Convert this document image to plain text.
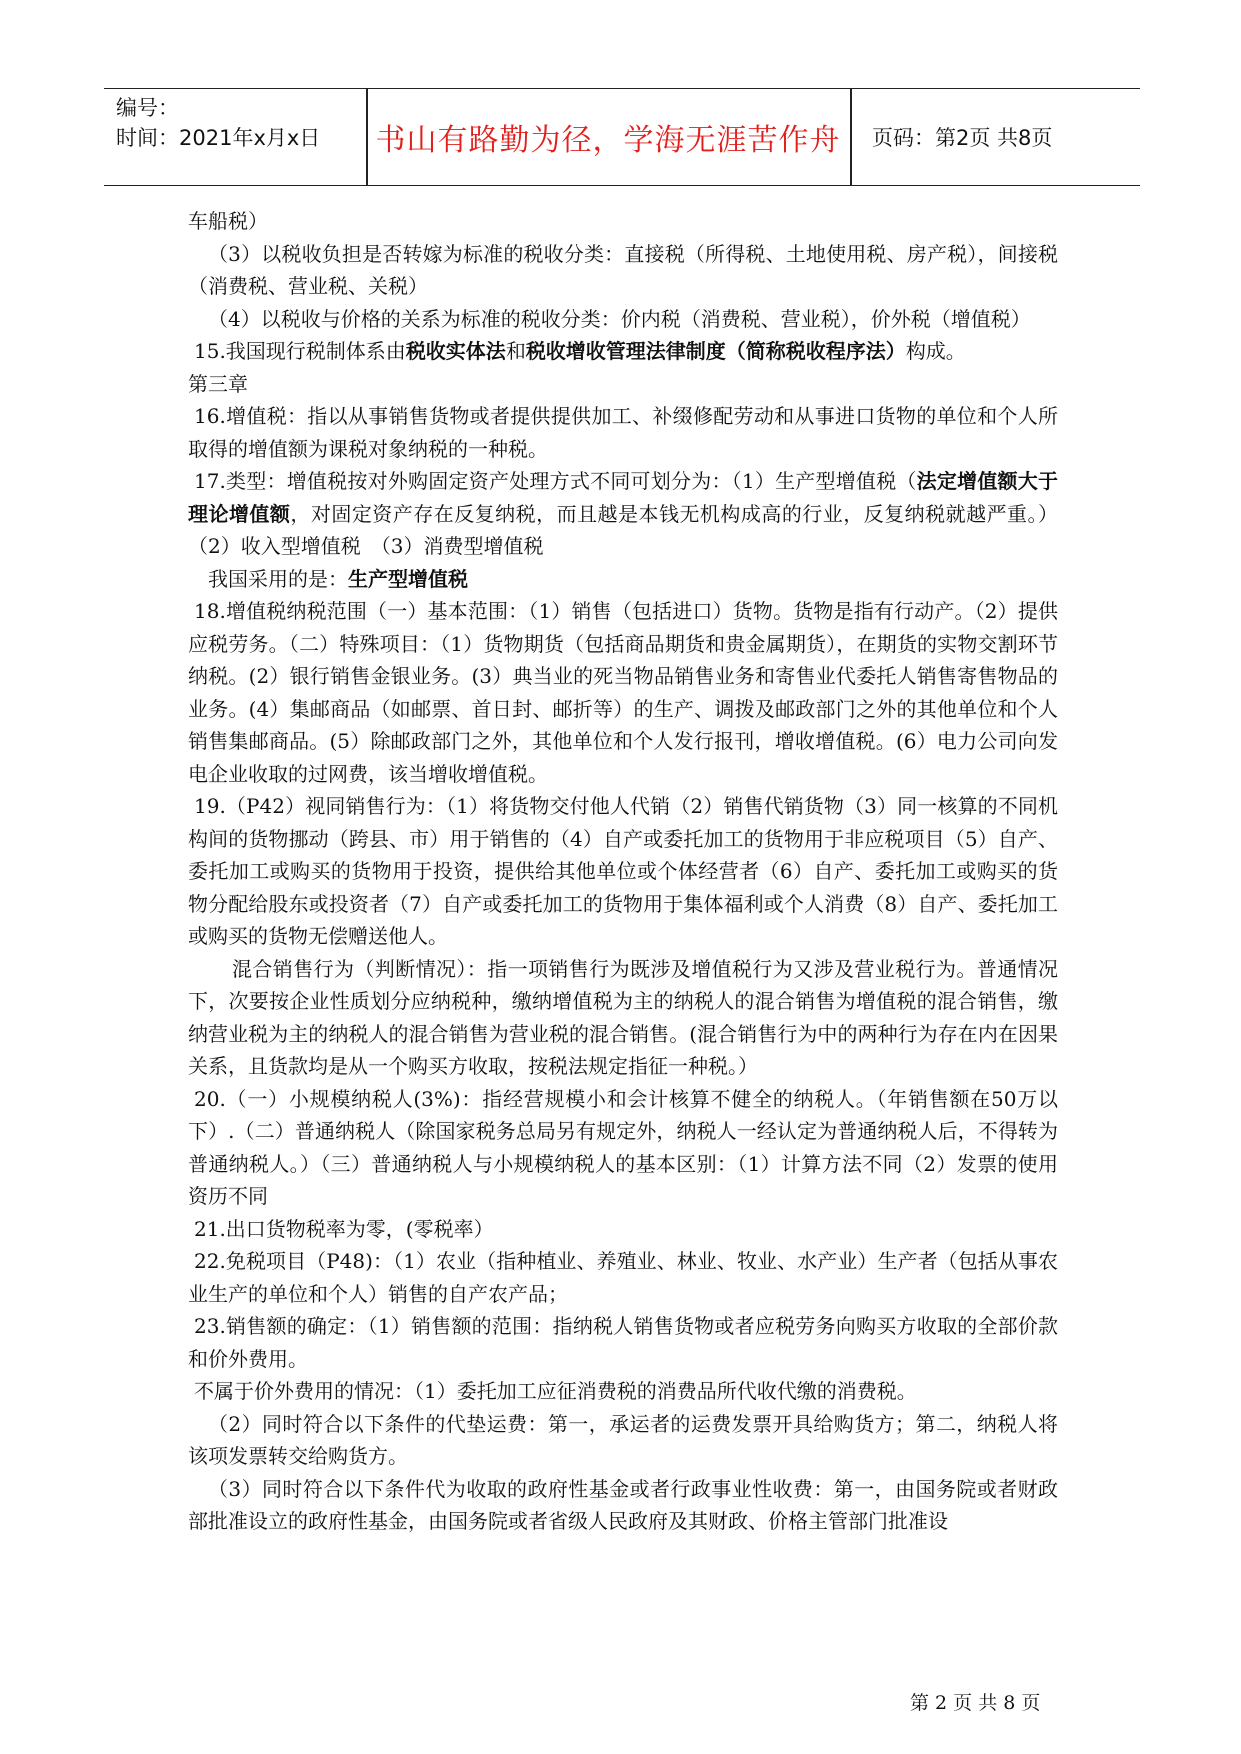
编号：
时间：2021年x月x日	书山有路勤为径，学海无涯苦作舟	页码：第2页 共8页

车船税）

（3）以税收负担是否转嫁为标准的税收分类：直接税（所得税、土地使用税、房产税），间接税（消费税、营业税、关税）

（4）以税收与价格的关系为标准的税收分类：价内税（消费税、营业税），价外税（增值税）

15.我国现行税制体系由税收实体法和税收增收管理法律制度（简称税收程序法）构成。

第三章

16.增值税：指以从事销售货物或者提供提供加工、补缀修配劳动和从事进口货物的单位和个人所取得的增值额为课税对象纳税的一种税。

17.类型：增值税按对外购固定资产处理方式不同可划分为：（1）生产型增值税（法定增值额大于理论增值额，对固定资产存在反复纳税，而且越是本钱无机构成高的行业，反复纳税就越严重。）（2）收入型增值税　（3）消费型增值税

我国采用的是：生产型增值税

18.增值税纳税范围（一）基本范围：（1）销售（包括进口）货物。货物是指有行动产。（2）提供应税劳务。（二）特殊项目：（1）货物期货（包括商品期货和贵金属期货），在期货的实物交割环节纳税。(2）银行销售金银业务。(3）典当业的死当物品销售业务和寄售业代委托人销售寄售物品的业务。(4）集邮商品（如邮票、首日封、邮折等）的生产、调拨及邮政部门之外的其他单位和个人销售集邮商品。(5）除邮政部门之外，其他单位和个人发行报刊，增收增值税。(6）电力公司向发电企业收取的过网费，该当增收增值税。

19.（P42）视同销售行为：（1）将货物交付他人代销（2）销售代销货物（3）同一核算的不同机构间的货物挪动（跨县、市）用于销售的（4）自产或委托加工的货物用于非应税项目（5）自产、委托加工或购买的货物用于投资，提供给其他单位或个体经营者（6）自产、委托加工或购买的货物分配给股东或投资者（7）自产或委托加工的货物用于集体福利或个人消费（8）自产、委托加工或购买的货物无偿赠送他人。

混合销售行为（判断情况）：指一项销售行为既涉及增值税行为又涉及营业税行为。普通情况下，次要按企业性质划分应纳税种，缴纳增值税为主的纳税人的混合销售为增值税的混合销售，缴纳营业税为主的纳税人的混合销售为营业税的混合销售。(混合销售行为中的两种行为存在内在因果关系，且货款均是从一个购买方收取，按税法规定指征一种税。）

20.（一）小规模纳税人(3%)：指经营规模小和会计核算不健全的纳税人。（年销售额在50万以下）.（二）普通纳税人（除国家税务总局另有规定外，纳税人一经认定为普通纳税人后，不得转为普通纳税人。）（三）普通纳税人与小规模纳税人的基本区别：（1）计算方法不同（2）发票的使用资历不同

21.出口货物税率为零，(零税率）

22.免税项目（P48)：（1）农业（指种植业、养殖业、林业、牧业、水产业）生产者（包括从事农业生产的单位和个人）销售的自产农产品；

23.销售额的确定：（1）销售额的范围：指纳税人销售货物或者应税劳务向购买方收取的全部价款和价外费用。

不属于价外费用的情况：（1）委托加工应征消费税的消费品所代收代缴的消费税。

（2）同时符合以下条件的代垫运费：第一，承运者的运费发票开具给购货方；第二，纳税人将该项发票转交给购货方。

（3）同时符合以下条件代为收取的政府性基金或者行政事业性收费：第一，由国务院或者财政部批准设立的政府性基金，由国务院或者省级人民政府及其财政、价格主管部门批准设

第 2 页 共 8 页
